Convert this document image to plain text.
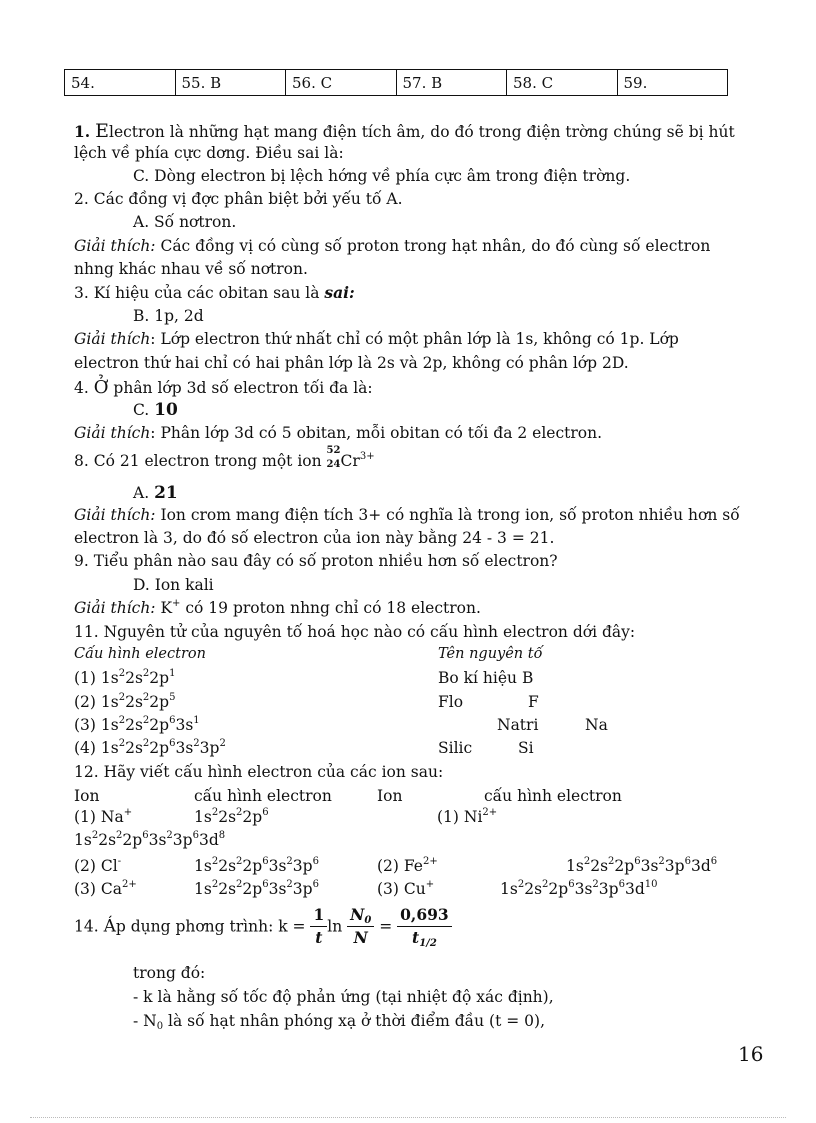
54.	55. B	56. C	57. B	58. C	59.
1. Electron là những hạt mang điện tích âm, do đó trong điện trờng chúng sẽ bị hút
lệch về phía cực dơng. Điều sai là:
C. Dòng electron bị lệch hớng về phía cực âm trong điện trờng.
2. Các đồng vị đợc phân biệt bởi yếu tố A.
A. Số nơtron.
Giải thích: Các đồng vị có cùng số proton trong hạt nhân, do đó cùng số electron
nhng khác nhau về số nơtron.
3. Kí hiệu của các obitan sau là sai:
B. 1p, 2d
Giải thích: Lớp electron thứ nhất chỉ có một phân lớp là 1s, không có 1p. Lớp
electron thứ hai chỉ có hai phân lớp là 2s và 2p, không có phân lớp 2D.
4. Ở phân lớp 3d số electron tối đa là:
C. 10
Giải thích: Phân lớp 3d có 5 obitan, mỗi obitan có tối đa 2 electron.
8. Có 21 electron trong một ion
52
24 $Cr^{3+}$
A. 21
Giải thích: Ion crom mang điện tích 3+ có nghĩa là trong ion, số proton nhiều hơn số
electron là 3, do đó số electron của ion này bằng 24 - 3 = 21.
9. Tiểu phân nào sau đây có số proton nhiều hơn số electron?
D. Ion kali
Giải thích: K+ có 19 proton nhng chỉ có 18 electron.
11. Nguyên tử của nguyên tố hoá học nào có cấu hình electron dới đây:
Cấu hình electron	Tên nguyên tố
(1) $1s^22s^22p^1$	Bo kí hiệu B
(2) $1s^22s^22p^5$	Flo	F
(3) $1s^22s^22p^63s^1$	Natri	Na
(4) $1s^22s^22p^63s^23p^2$	Silic	Si
12. Hãy viết cấu hình electron của các ion sau:
Ion	cấu hình electron	Ion	cấu hình electron
(1) Na+	$1s^22s^22p^6$	(1) $Ni^{2+}$
$1s^22s^22p^63s^23p^63d^8$
(2) Cl-	$1s^22s^22p^63s^23p^6$	(2) $Fe^{2+}$	$1s^22s^22p^63s^23p^63d^6$
(3) $Ca^{2+}$	$1s^22s^22p^63s^23p^6$	(3) Cu+	$1s^22s^22p^63s^23p^63d^{10}$
14. Áp dụng phơng trình: $k = \frac{1}{t}$ $\ln \frac{N_0}{N} = \frac{0,693}{t_{1/2}}$
trong đó:
- k là hằng số tốc độ phản ứng (tại nhiệt độ xác định),
- $N_0$ là số hạt nhân phóng xạ ở thời điểm đầu (t = 0),
16
